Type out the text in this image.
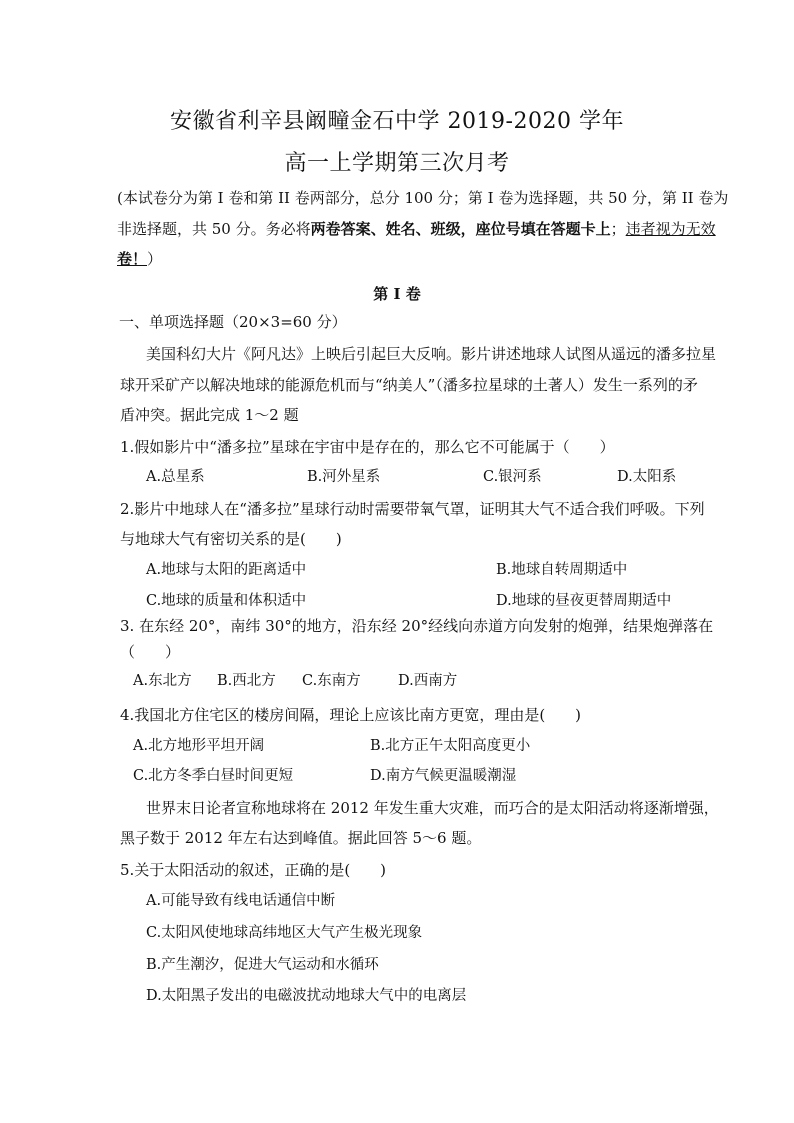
安徽省利辛县阚疃金石中学 2019-2020 学年
高一上学期第三次月考
(本试卷分为第 I 卷和第 II 卷两部分，总分 100 分；第 I 卷为选择题，共 50 分，第 II 卷为
非选择题，共 50 分。务必将两卷答案、姓名、班级，座位号填在答题卡上；违者视为无效
卷！）
第 I 卷
一、单项选择题（20×3=60 分）
美国科幻大片《阿凡达》上映后引起巨大反响。影片讲述地球人试图从遥远的潘多拉星
球开采矿产以解决地球的能源危机而与“纳美人”（潘多拉星球的土著人）发生一系列的矛
盾冲突。据此完成 1～2 题
1.假如影片中“潘多拉”星球在宇宙中是存在的，那么它不可能属于（　　）
A.总星系	B.河外星系	C.银河系	D.太阳系
2.影片中地球人在“潘多拉”星球行动时需要带氧气罩，证明其大气不适合我们呼吸。下列
与地球大气有密切关系的是(　　)
A.地球与太阳的距离适中	B.地球自转周期适中
C.地球的质量和体积适中	D.地球的昼夜更替周期适中
3. 在东经 20°，南纬 30°的地方，沿东经 20°经线向赤道方向发射的炮弹，结果炮弹落在
（　　）
A.东北方 B.西北方 C.东南方	D.西南方
4.我国北方住宅区的楼房间隔，理论上应该比南方更宽，理由是(　　)
A.北方地形平坦开阔	B.北方正午太阳高度更小
C.北方冬季白昼时间更短	D.南方气候更温暖潮湿
世界末日论者宣称地球将在 2012 年发生重大灾难，而巧合的是太阳活动将逐渐增强，
黑子数于 2012 年左右达到峰值。据此回答 5～6 题。
5.关于太阳活动的叙述，正确的是(　　)
A.可能导致有线电话通信中断
C.太阳风使地球高纬地区大气产生极光现象
B.产生潮汐，促进大气运动和水循环
D.太阳黑子发出的电磁波扰动地球大气中的电离层
